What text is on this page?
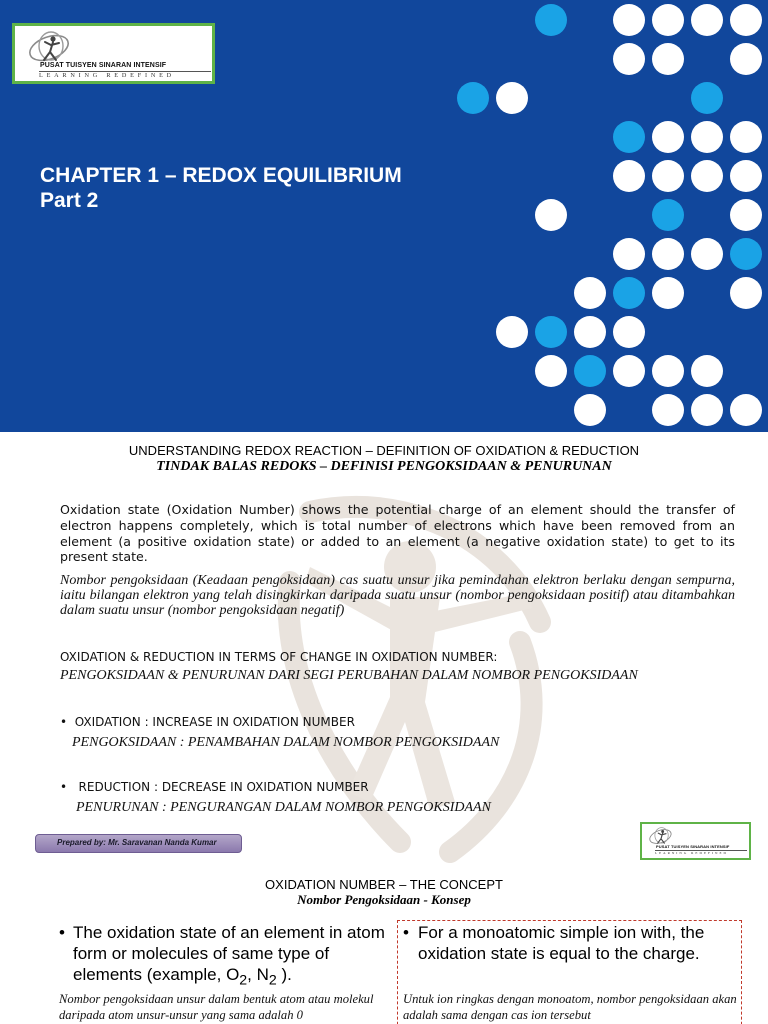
PUSAT TUISYEN SINARAN INTENSIF
LEARNING REDEFINED
CHAPTER 1 – REDOX EQUILIBRIUM
Part 2
UNDERSTANDING REDOX REACTION – DEFINITION OF OXIDATION & REDUCTION
TINDAK BALAS REDOKS – DEFINISI PENGOKSIDAAN & PENURUNAN
Oxidation state (Oxidation Number) shows the potential charge of an element should the transfer of electron happens completely, which is total number of electrons which have been removed from an element (a positive oxidation state) or added to an element (a negative oxidation state) to get to its present state.
Nombor pengoksidaan (Keadaan pengoksidaan) cas suatu unsur jika pemindahan elektron berlaku dengan sempurna, iaitu bilangan elektron yang telah disingkirkan daripada suatu unsur (nombor pengoksidaan positif) atau ditambahkan dalam suatu unsur (nombor pengoksidaan negatif)
OXIDATION & REDUCTION IN TERMS OF CHANGE IN OXIDATION NUMBER:
PENGOKSIDAAN & PENURUNAN DARI SEGI PERUBAHAN DALAM NOMBOR PENGOKSIDAAN
•  OXIDATION : INCREASE IN OXIDATION NUMBER
PENGOKSIDAAN : PENAMBAHAN DALAM NOMBOR PENGOKSIDAAN
•   REDUCTION : DECREASE IN OXIDATION NUMBER
PENURUNAN : PENGURANGAN DALAM NOMBOR PENGOKSIDAAN
Prepared by: Mr. Saravanan Nanda Kumar	PUSAT TUISYEN SINARAN INTENSIF
LEARNING REDEFINED
OXIDATION NUMBER – THE CONCEPT
Nombor Pengoksidaan - Konsep
• The oxidation state of an element in atom form or molecules of same type of elements (example, $O_2$, $N_2$ ).
Nombor pengoksidaan unsur dalam bentuk atom atau molekul daripada atom unsur-unsur yang sama adalah 0
• For a monoatomic simple ion with, the oxidation state is equal to the charge.
Untuk ion ringkas dengan monoatom, nombor pengoksidaan akan adalah sama dengan cas ion tersebut
